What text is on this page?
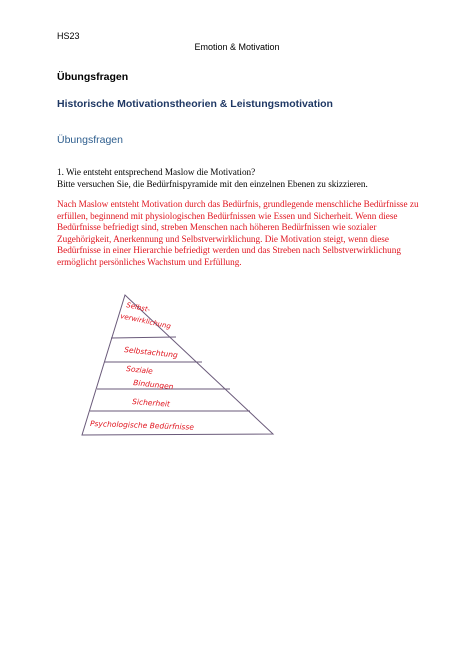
HS23
Emotion & Motivation
Übungsfragen
Historische Motivationstheorien & Leistungsmotivation
Übungsfragen
1. Wie entsteht entsprechend Maslow die Motivation?
Bitte versuchen Sie, die Bedürfnispyramide mit den einzelnen Ebenen zu skizzieren.
Nach Maslow entsteht Motivation durch das Bedürfnis, grundlegende menschliche Bedürfnisse zu erfüllen, beginnend mit physiologischen Bedürfnissen wie Essen und Sicherheit. Wenn diese Bedürfnisse befriedigt sind, streben Menschen nach höheren Bedürfnissen wie sozialer Zugehörigkeit, Anerkennung und Selbstverwirklichung. Die Motivation steigt, wenn diese Bedürfnisse in einer Hierarchie befriedigt werden und das Streben nach Selbstverwirklichung ermöglicht persönliches Wachstum und Erfüllung.
Selbst-
verwirklichung
Selbstachtung
Soziale
Bindungen
Sicherheit
Psychologische Bedürfnisse
